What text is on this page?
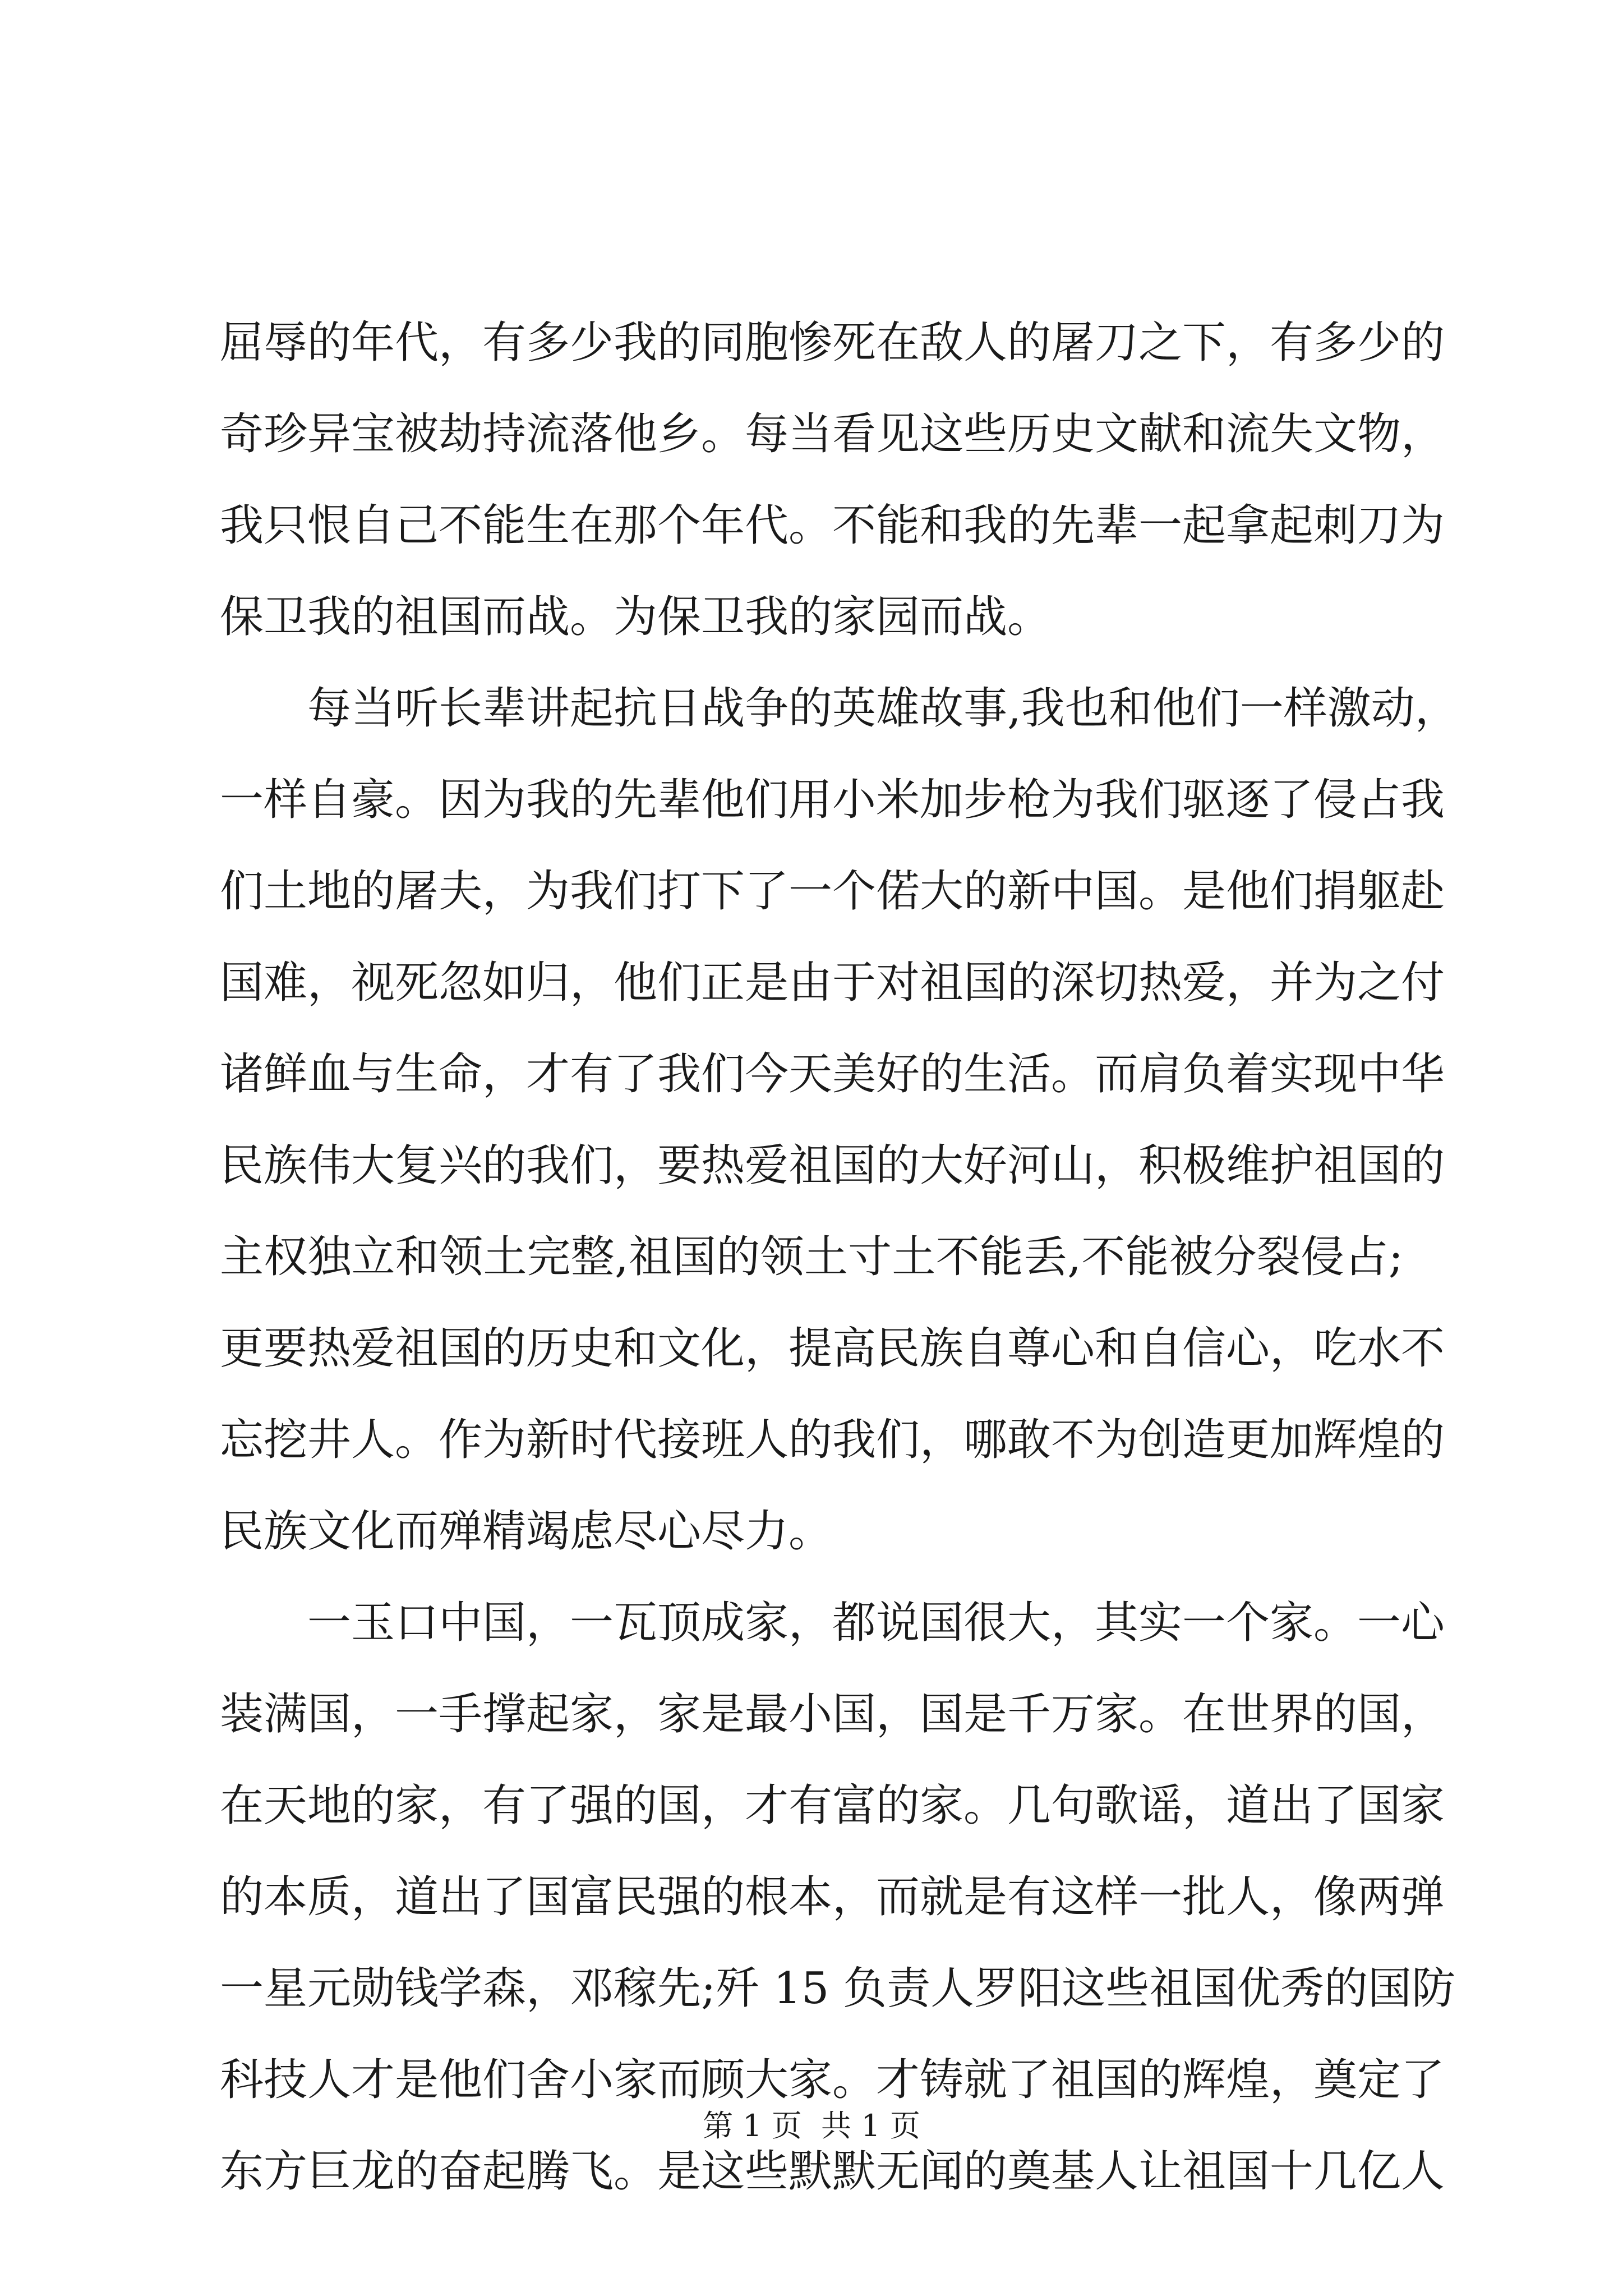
屈辱的年代，有多少我的同胞惨死在敌人的屠刀之下，有多少的
奇珍异宝被劫持流落他乡。每当看见这些历史文献和流失文物，
我只恨自己不能生在那个年代。不能和我的先辈一起拿起刺刀为
保卫我的祖国而战。为保卫我的家园而战。
每当听长辈讲起抗日战争的英雄故事,我也和他们一样激动，
一样自豪。因为我的先辈他们用小米加步枪为我们驱逐了侵占我
们土地的屠夫，为我们打下了一个偌大的新中国。是他们捐躯赴
国难，视死忽如归，他们正是由于对祖国的深切热爱，并为之付
诸鲜血与生命，才有了我们今天美好的生活。而肩负着实现中华
民族伟大复兴的我们，要热爱祖国的大好河山，积极维护祖国的
主权独立和领土完整,祖国的领土寸土不能丢,不能被分裂侵占;
更要热爱祖国的历史和文化，提高民族自尊心和自信心，吃水不
忘挖井人。作为新时代接班人的我们，哪敢不为创造更加辉煌的
民族文化而殚精竭虑尽心尽力。
一玉口中国，一瓦顶成家，都说国很大，其实一个家。一心
装满国，一手撑起家，家是最小国，国是千万家。在世界的国，
在天地的家，有了强的国，才有富的家。几句歌谣，道出了国家
的本质，道出了国富民强的根本，而就是有这样一批人，像两弹
一星元勋钱学森，邓稼先;歼 15 负责人罗阳这些祖国优秀的国防
科技人才是他们舍小家而顾大家。才铸就了祖国的辉煌，奠定了
东方巨龙的奋起腾飞。是这些默默无闻的奠基人让祖国十几亿人
第 1 页  共 1 页
